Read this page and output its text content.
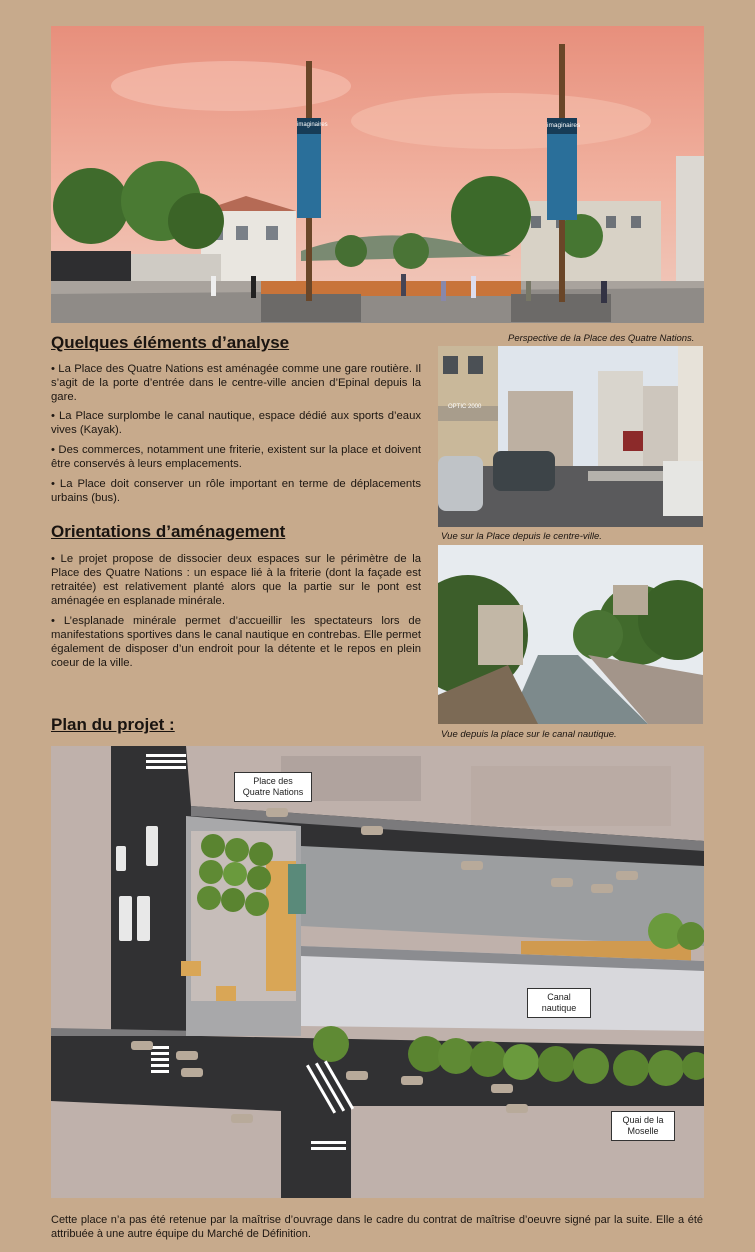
imaginaires	imaginaires
Perspective de la Place des Quatre Nations.
Quelques éléments d’analyse

• La Place des Quatre Nations est aménagée comme une gare routière. Il s’agit de la porte d’entrée dans le centre-ville ancien d’Epinal depuis la gare.

• La Place surplombe le canal nautique, espace dédié aux sports d’eaux vives (Kayak).

• Des commerces, notamment une friterie, existent sur la place et doivent être conservés à leurs emplacements.

• La Place doit conserver un rôle important en terme de déplacements urbains (bus).

OPTIC 2000
Vue sur la Place depuis le centre-ville.
Orientations d’aménagement

• Le projet propose de dissocier deux espaces sur le périmètre de la Place des Quatre Nations : un espace lié à la friterie (dont la façade est retraitée) est relativement planté alors que la partie sur le pont est aménagée en esplanade minérale.

• L’esplanade minérale permet d’accueillir les spectateurs lors de manifestations sportives dans le canal nautique en contrebas. Elle permet également de disposer d’un endroit pour la détente et le repos en plein coeur de la ville.

Vue depuis la place sur le canal nautique.
Plan du projet :
Place des
Quatre Nations
Canal
nautique
Quai de la
Moselle

Cette place n’a pas été retenue par la maîtrise d’ouvrage dans le cadre du contrat de maîtrise d’oeuvre signé par la suite. Elle a été attribuée à une autre équipe du Marché de Définition.
